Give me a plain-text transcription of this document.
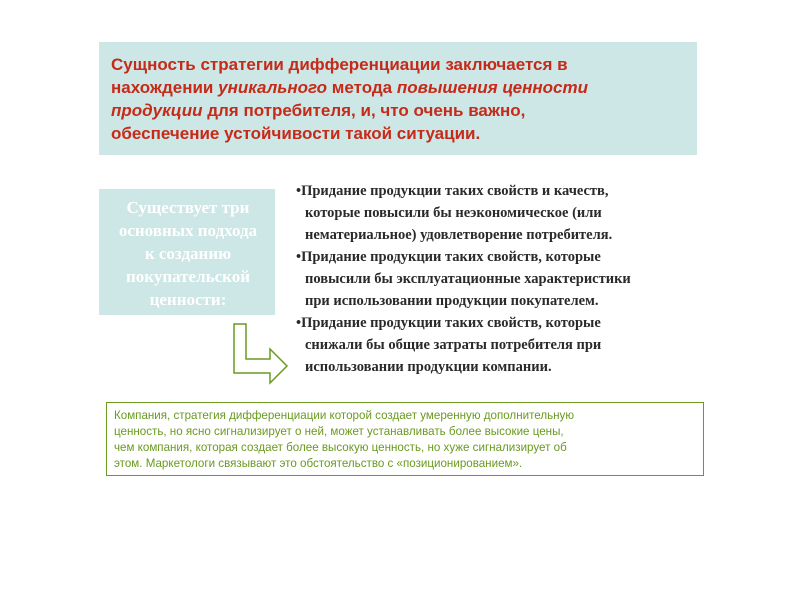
Сущность стратегии дифференциации заключается в
нахождении уникального метода повышения ценности
продукции для потребителя, и, что очень важно,
обеспечение устойчивости такой ситуации.
Существует три
основных подхода
к созданию
покупательской
ценности:
•Придание продукции таких свойств и качеств,
которые повысили бы неэкономическое (или
нематериальное) удовлетворение потребителя.
•Придание продукции таких свойств, которые
повысили бы эксплуатационные характеристики
при использовании продукции покупателем.
•Придание продукции таких свойств, которые
снижали бы общие затраты потребителя при
использовании продукции компании.
Компания, стратегия дифференциации которой создает умеренную дополнительную
ценность, но ясно сигнализирует о ней, может устанавливать более высокие цены,
чем компания, которая создает более высокую ценность, но хуже сигнализирует об
этом. Маркетологи связывают это обстоятельство с «позиционированием».
